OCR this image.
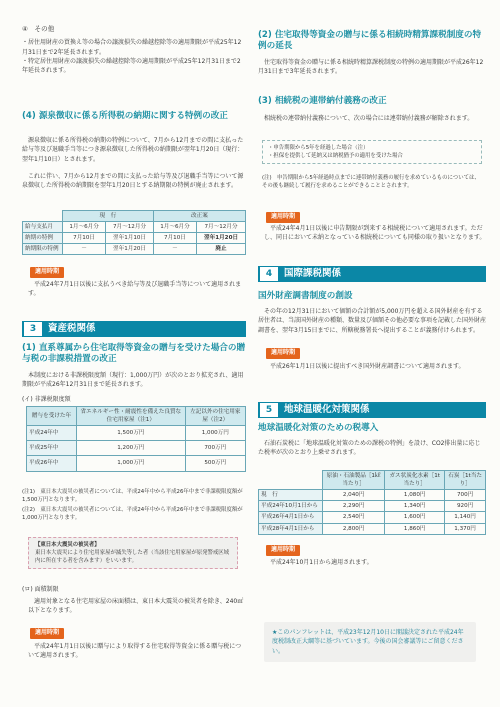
④　その他
・居住用財産の買換え等の場合の譲渡損失の繰越控除等の適用期限が平成25年12月31日まで2年延長されます。
・特定居住用財産の譲渡損失の繰越控除等の適用期限が平成25年12月31日まで2年延長されます。
(4) 源泉徴収に係る所得税の納期に関する特例の改正
源泉徴収に係る所得税の納期の特例について、7月から12月までの間に支払った給与等及び退職手当等につき源泉徴収した所得税の納期限が翌年1月20日（現行：翌年1月10日）とされます。
これに伴い、7月から12月までの間に支払った給与等及び退職手当等について源泉徴収した所得税の納期限を翌年1月20日とする納期限の特例が廃止されます。
	現　行		改正案	
給与支払月	1月～6月分	7月～12月分	1月～6月分	7月～12月分
納期の特例	7月10日	翌年1月10日	7月10日	翌年1月20日
納期限の特例	－	翌年1月20日	－	廃止
適用時期
平成24年7月1日以後に支払うべき給与等及び退職手当等について適用されます。
3	資産税関係
(1) 直系尊属から住宅取得等資金の贈与を受けた場合の贈与税の非課税措置の改正
本制度における非課税限度額（現行：1,000万円）が次のとおり拡充され、適用期限が平成26年12月31日まで延長されます。
(イ) 非課税限度額
贈与を受けた年	省エネルギー性・耐震性を備えた良質な住宅用家屋（注1）	左記以外の住宅用家屋（注2）
平成24年中	1,500万円	1,000万円
平成25年中	1,200万円	700万円
平成26年中	1,000万円	500万円
(注1)　東日本大震災の被災者については、平成24年中から平成26年中まで非課税限度額が1,500万円となります。
(注2)　東日本大震災の被災者については、平成24年中から平成26年中まで非課税限度額が1,000万円となります。
【東日本大震災の被災者】
東日本大震災により住宅用家屋が滅失等した者（当該住宅用家屋が原発警戒区域内に所在する者を含みます）をいいます。
(ロ) 面積制限
適用対象となる住宅用家屋の床面積は、東日本大震災の被災者を除き、240㎡以下となります。
適用時期
平成24年1月1日以後に贈与により取得する住宅取得等資金に係る贈与税について適用されます。
(2) 住宅取得等資金の贈与に係る相続時精算課税制度の特例の延長
住宅取得等資金の贈与に係る相続時精算課税制度の特例の適用期限が平成26年12月31日まで3年延長されます。
(3) 相続税の連帯納付義務の改正
相続税の連帯納付義務について、次の場合には連帯納付義務が解除されます。
・申告期限から5年を経過した場合（注）
・担保を提供して延納又は納税猶予の適用を受けた場合
(注)　申告期限から5年経過時点までに連帯納付義務の履行を求めているものについては、その後も継続して履行を求めることができることとされます。
適用時期
平成24年4月1日以後に申告期限が到来する相続税について適用されます。ただし、同日において未納となっている相続税についても同様の取り扱いとなります。
4	国際課税関係
国外財産調書制度の創設
その年の12月31日において価額の合計額が5,000万円を超える国外財産を有する居住者は、当該国外財産の種類、数量及び価額その他必要な事項を記載した国外財産調書を、翌年3月15日までに、所轄税務署長へ提出することが義務付けられます。
適用時期
平成26年1月1日以後に提出すべき国外財産調書について適用されます。
5	地球温暖化対策関係
地球温暖化対策のための税導入
石油石炭税に「地球温暖化対策のための課税の特例」を設け、CO2排出量に応じた税率が次のとおり上乗せされます。
	原油・石油製品［1㎘当たり］	ガス状炭化水素［1t当たり］	石炭［1t当たり］
現　行	2,040円	1,080円	700円
平成24年10月1日から	2,290円	1,340円	920円
平成26年4月1日から	2,540円	1,600円	1,140円
平成28年4月1日から	2,800円	1,860円	1,370円
適用時期
平成24年10月1日から適用されます。
★このパンフレットは、平成23年12月10日に閣議決定された平成24年度税制改正大綱等に基づいています。今後の国会審議等にご留意ください。
